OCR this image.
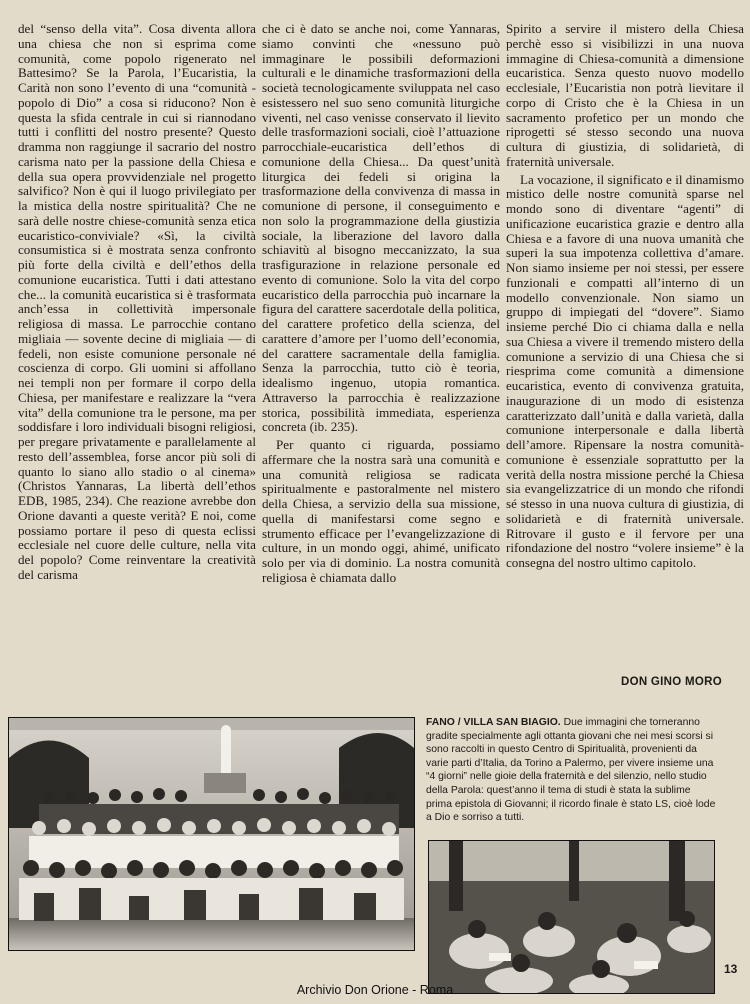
del “senso della vita”. Cosa diventa allora una chiesa che non si esprima come comunità, come popolo rigenerato nel Battesimo? Se la Parola, l’Eucaristia, la Carità non sono l’evento di una “comunità - popolo di Dio” a cosa si riducono? Non è questa la sfida centrale in cui si riannodano tutti i conflitti del nostro presente? Questo dramma non raggiunge il sacrario del nostro carisma nato per la passione della Chiesa e della sua opera provvidenziale nel progetto salvifico? Non è qui il luogo privilegiato per la mistica della nostre spiritualità? Che ne sarà delle nostre chiese-comunità senza etica eucaristico-conviviale? «Sì, la civiltà consumistica si è mostrata senza confronto più forte della civiltà e dell’ethos della comunione eucaristica. Tutti i dati attestano che... la comunità eucaristica si è trasformata anch’essa in collettività impersonale religiosa di massa. Le parrocchie contano migliaia — sovente decine di migliaia — di fedeli, non esiste comunione personale né coscienza di corpo. Gli uomini si affollano nei templi non per formare il corpo della Chiesa, per manifestare e realizzare la “vera vita” della comunione tra le persone, ma per soddisfare i loro individuali bisogni religiosi, per pregare privatamente e parallelamente al resto dell’assemblea, forse ancor più soli di quanto lo siano allo stadio o al cinema» (Christos Yannaras, La libertà dell’ethos EDB, 1985, 234). Che reazione avrebbe don Orione davanti a queste verità? E noi, come possiamo portare il peso di questa eclissi ecclesiale nel cuore delle culture, nella vita del popolo? Come reinventare la creatività del carisma

che ci è dato se anche noi, come Yannaras, siamo convinti che «nessuno può immaginare le possibili deformazioni culturali e le dinamiche trasformazioni della società tecnologicamente sviluppata nel caso esistessero nel suo seno comunità liturgiche viventi, nel caso venisse conservato il lievito delle trasformazioni sociali, cioè l’attuazione parrocchiale-eucaristica dell’ethos di comunione della Chiesa... Da quest’unità liturgica dei fedeli si origina la trasformazione della convivenza di massa in comunione di persone, il conseguimento e non solo la programmazione della giustizia sociale, la liberazione del lavoro dalla schiavitù al bisogno meccanizzato, la sua trasfigurazione in relazione personale ed evento di comunione. Solo la vita del corpo eucaristico della parrocchia può incarnare la figura del carattere sacerdotale della politica, del carattere profetico della scienza, del carattere d’amore per l’uomo dell’economia, del carattere sacramentale della famiglia. Senza la parrocchia, tutto ciò è teoria, idealismo ingenuo, utopia romantica. Attraverso la parrocchia è realizzazione storica, possibilità immediata, esperienza concreta (ib. 235).

Per quanto ci riguarda, possiamo affermare che la nostra sarà una comunità e una comunità religiosa se radicata spiritualmente e pastoralmente nel mistero della Chiesa, a servizio della sua missione, quella di manifestarsi come segno e strumento efficace per l’evangelizzazione di culture, in un mondo oggi, ahimé, unificato solo per via di dominio. La nostra comunità religiosa è chiamata dallo

Spirito a servire il mistero della Chiesa perchè esso si visibilizzi in una nuova immagine di Chiesa-comunità a dimensione eucaristica. Senza questo nuovo modello ecclesiale, l’Eucaristia non potrà lievitare il corpo di Cristo che è la Chiesa in un sacramento profetico per un mondo che riprogetti sé stesso secondo una nuova cultura di giustizia, di solidarietà, di fraternità universale.

La vocazione, il significato e il dinamismo mistico delle nostre comunità sparse nel mondo sono di diventare “agenti” di unificazione eucaristica grazie e dentro alla Chiesa e a favore di una nuova umanità che superi la sua impotenza collettiva d’amare. Non siamo insieme per noi stessi, per essere funzionali e compatti all’interno di un modello convenzionale. Non siamo un gruppo di impiegati del “dovere”. Siamo insieme perché Dio ci chiama dalla e nella sua Chiesa a vivere il tremendo mistero della comunione a servizio di una Chiesa che si riesprima come comunità a dimensione eucaristica, evento di convivenza gratuita, inaugurazione di un modo di esistenza caratterizzato dall’unità e dalla varietà, dalla comunione interpersonale e dalla libertà dell’amore. Ripensare la nostra comunità-comunione è essenziale soprattutto per la verità della nostra missione perché la Chiesa sia evangelizzatrice di un mondo che rifondi sé stesso in una nuova cultura di giustizia, di solidarietà e di fraternità universale. Ritrovare il gusto e il fervore per una rifondazione del nostro “volere insieme” è la consegna del nostro ultimo capitolo.

DON GINO MORO
FANO / VILLA SAN BIAGIO. Due immagini che torneranno gradite specialmente agli ottanta giovani che nei mesi scorsi si sono raccolti in questo Centro di Spiritualità, provenienti da varie parti d’Italia, da Torino a Palermo, per vivere insieme una “4 giorni” nelle gioie della fraternità e del silenzio, nello studio della Parola: quest’anno il tema di studi è stata la sublime prima epistola di Giovanni; il ricordo finale è stato LS, cioè lode a Dio e sorriso a tutti.
13
Archivio Don Orione - Roma
